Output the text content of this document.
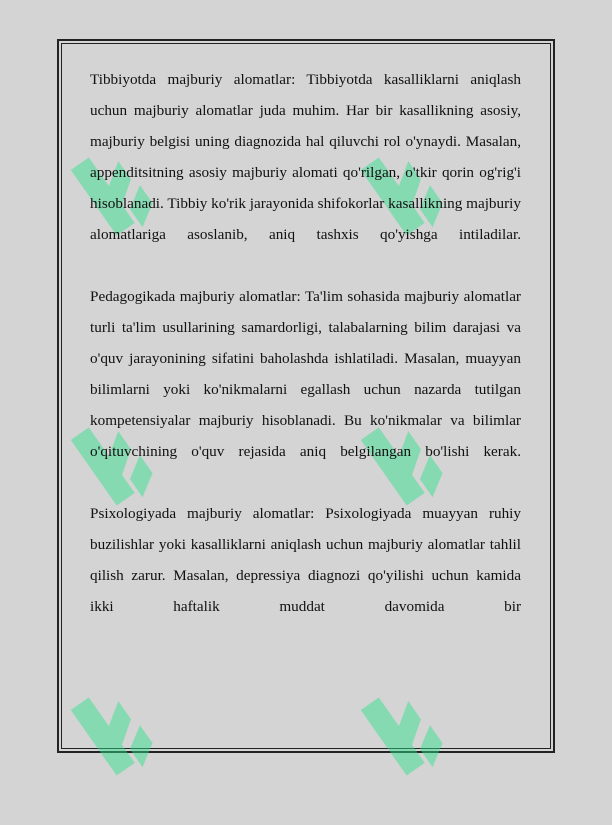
Tibbiyotda majburiy alomatlar: Tibbiyotda kasalliklarni aniqlash uchun majburiy alomatlar juda muhim. Har bir kasallikning asosiy, majburiy belgisi uning diagnozida hal qiluvchi rol o'ynaydi. Masalan, appenditsitning asosiy majburiy alomati qo'rilgan, o'tkir qorin og'rig'i hisoblanadi. Tibbiy ko'rik jarayonida shifokorlar kasallikning majburiy alomatlariga asoslanib, aniq tashxis qo'yishga intiladilar.

Pedagogikada majburiy alomatlar: Ta'lim sohasida majburiy alomatlar turli ta'lim usullarining samardorligi, talabalarning bilim darajasi va o'quv jarayonining sifatini baholashda ishlatiladi. Masalan, muayyan bilimlarni yoki ko'nikmalarni egallash uchun nazarda tutilgan kompetensiyalar majburiy hisoblanadi. Bu ko'nikmalar va bilimlar o'qituvchining o'quv rejasida aniq belgilangan bo'lishi kerak.

Psixologiyada majburiy alomatlar: Psixologiyada muayyan ruhiy buzilishlar yoki kasalliklarni aniqlash uchun majburiy alomatlar tahlil qilish zarur. Masalan, depressiya diagnozi qo'yilishi uchun kamida ikki haftalik muddat davomida bir
